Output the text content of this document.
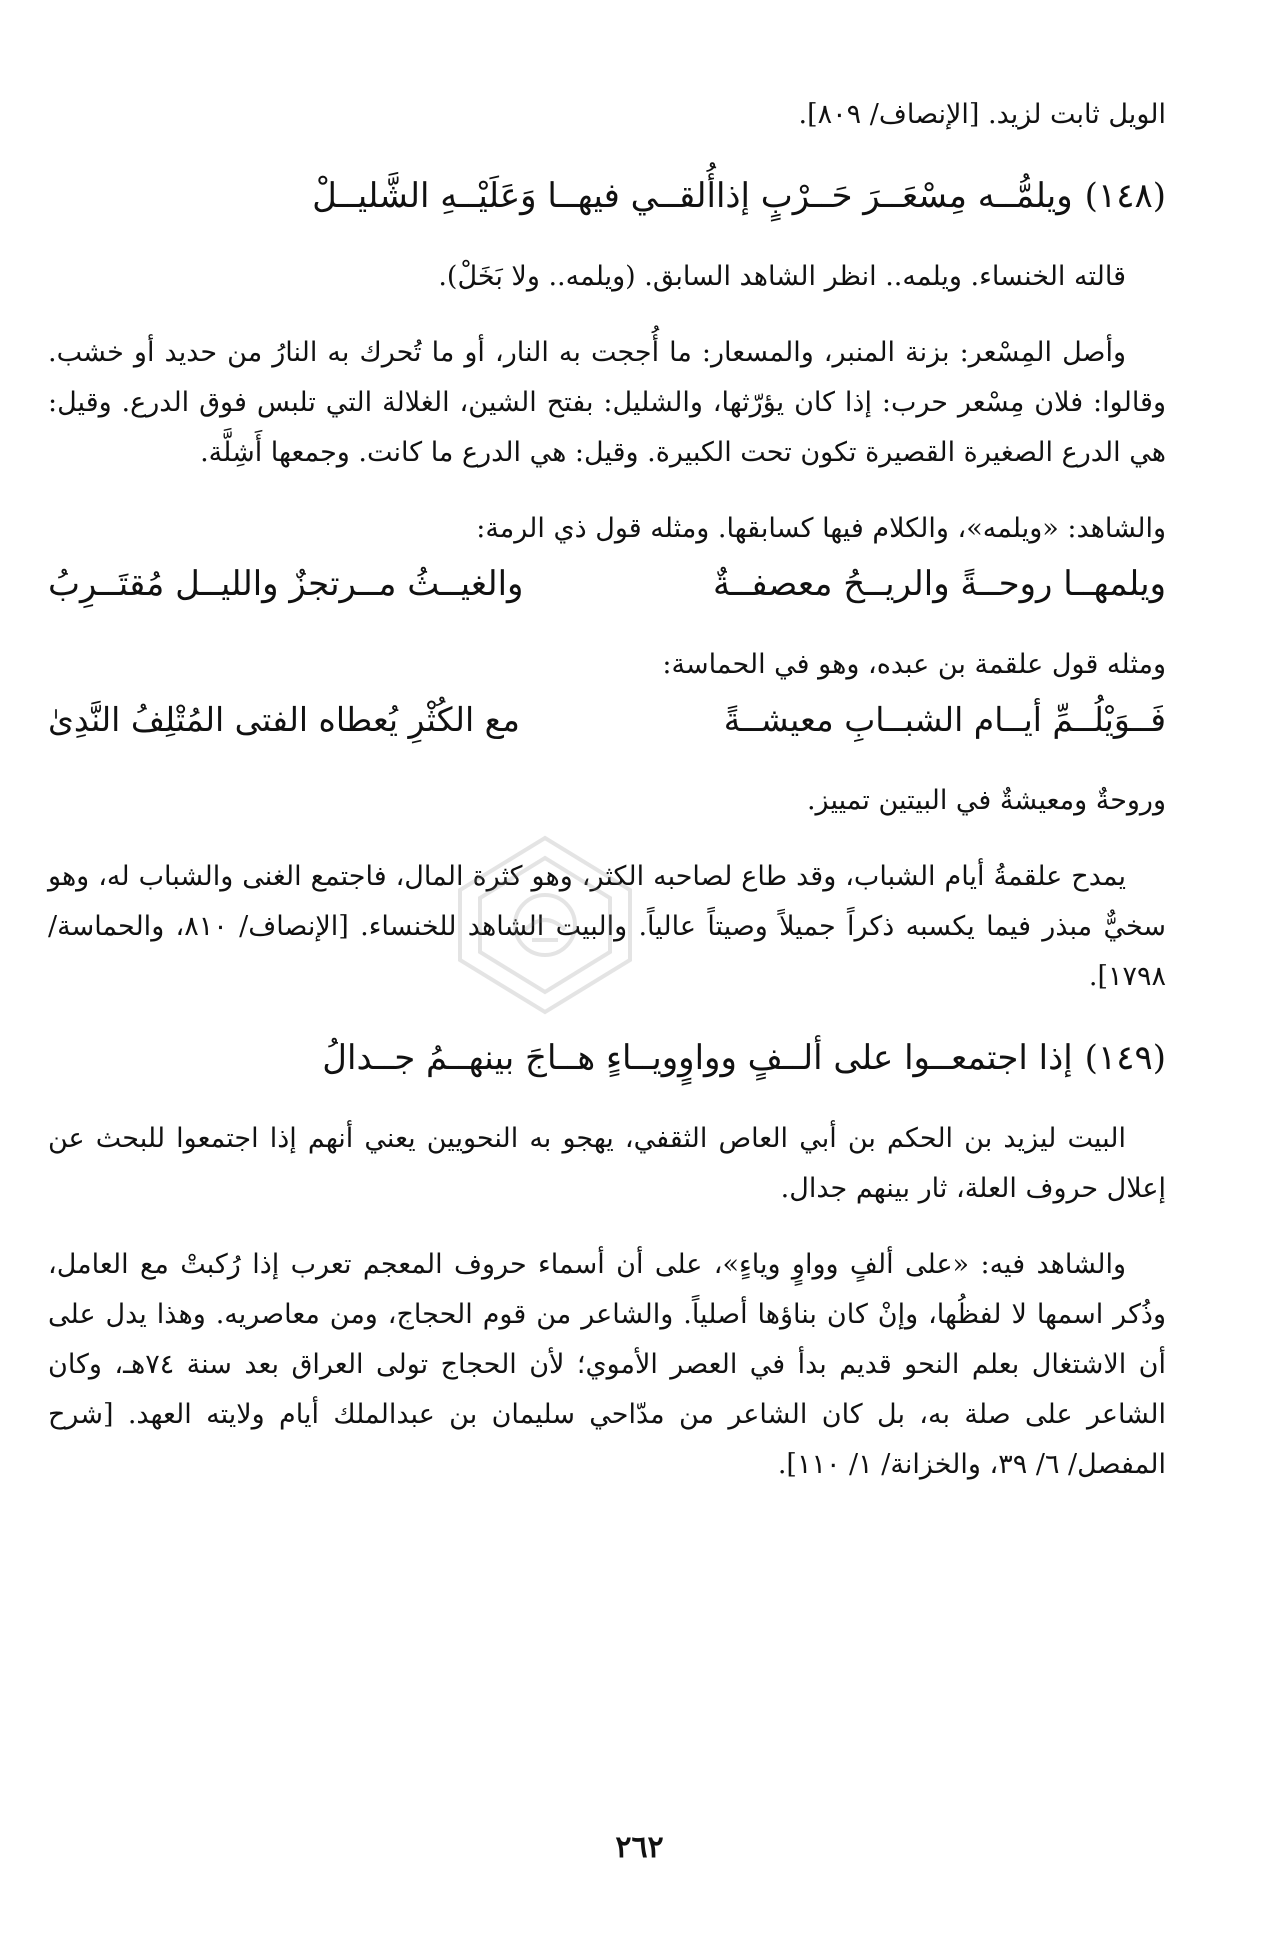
الويل ثابت لزيد. [الإنصاف/ ٨٠٩].

(١٤٨)
ويلمُّــه مِسْعَــرَ حَــرْبٍ إذا
أُلقــي فيهــا وَعَلَيْــهِ الشَّليــلْ

قالته الخنساء. ويلمه.. انظر الشاهد السابق. (ويلمه.. ولا بَخَلْ).

وأصل المِسْعر: بزنة المنبر، والمسعار: ما أُججت به النار، أو ما تُحرك به النارُ من حديد أو خشب. وقالوا: فلان مِسْعر حرب: إذا كان يؤرّثها، والشليل: بفتح الشين، الغلالة التي تلبس فوق الدرع. وقيل: هي الدرع الصغيرة القصيرة تكون تحت الكبيرة. وقيل: هي الدرع ما كانت. وجمعها أَشِلَّة.

والشاهد: «ويلمه»، والكلام فيها كسابقها. ومثله قول ذي الرمة:

ويلمهــا روحــةً والريــحُ معصفــةٌ
والغيــثُ مــرتجزٌ والليــل مُقتَــرِبُ

ومثله قول علقمة بن عبده، وهو في الحماسة:

فَــوَيْلُــمِّ أيــام الشبــابِ معيشــةً
مع الكُثْرِ يُعطاه الفتى المُتْلِفُ النَّدِىٰ

وروحةٌ ومعيشةٌ في البيتين تمييز.

يمدح علقمةُ أيام الشباب، وقد طاع لصاحبه الكثر، وهو كثرة المال، فاجتمع الغنى والشباب له، وهو سخيٌّ مبذر فيما يكسبه ذكراً جميلاً وصيتاً عالياً. والبيت الشاهد للخنساء. [الإنصاف/ ٨١٠، والحماسة/ ١٧٩٨].

(١٤٩)
إذا اجتمعــوا على ألــفٍ وواوٍ
ويــاءٍ هــاجَ بينهــمُ جــدالُ

البيت ليزيد بن الحكم بن أبي العاص الثقفي، يهجو به النحويين يعني أنهم إذا اجتمعوا للبحث عن إعلال حروف العلة، ثار بينهم جدال.

والشاهد فيه: «على ألفٍ وواوٍ وياءٍ»، على أن أسماء حروف المعجم تعرب إذا رُكبتْ مع العامل، وذُكر اسمها لا لفظُها، وإنْ كان بناؤها أصلياً. والشاعر من قوم الحجاج، ومن معاصريه. وهذا يدل على أن الاشتغال بعلم النحو قديم بدأ في العصر الأموي؛ لأن الحجاج تولى العراق بعد سنة ٧٤هـ، وكان الشاعر على صلة به، بل كان الشاعر من مدّاحي سليمان بن عبدالملك أيام ولايته العهد. [شرح المفصل/ ٦/ ٣٩، والخزانة/ ١/ ١١٠].

٢٦٢
